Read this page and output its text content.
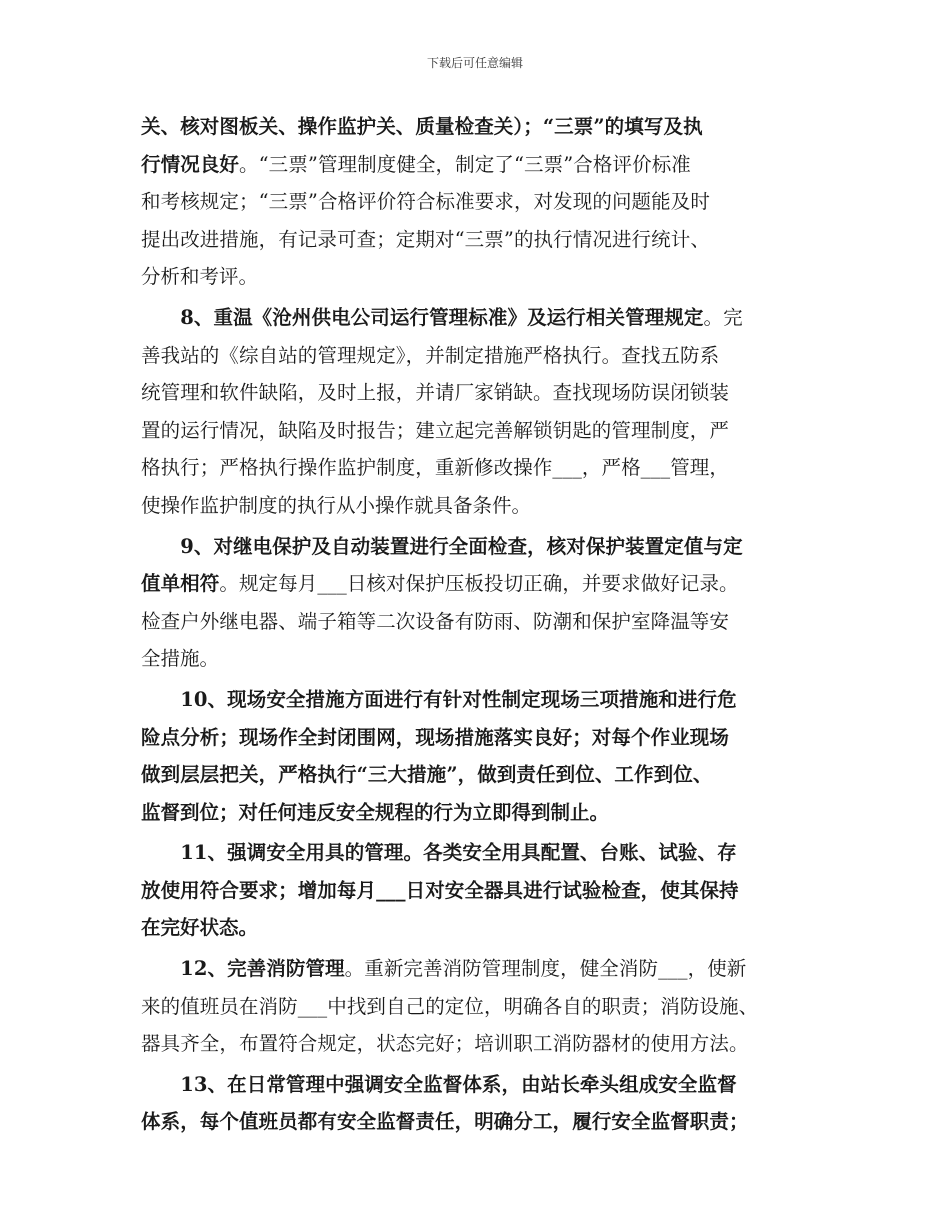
下载后可任意编辑
关、核对图板关、操作监护关、质量检查关）；“三票”的填写及执
行情况良好。“三票”管理制度健全，制定了“三票”合格评价标准
和考核规定；“三票”合格评价符合标准要求，对发现的问题能及时
提出改进措施，有记录可查；定期对“三票”的执行情况进行统计、
分析和考评。
　　8、重温《沧州供电公司运行管理标准》及运行相关管理规定。完
善我站的《综自站的管理规定》，并制定措施严格执行。查找五防系
统管理和软件缺陷，及时上报，并请厂家销缺。查找现场防误闭锁装
置的运行情况，缺陷及时报告；建立起完善解锁钥匙的管理制度，严
格执行；严格执行操作监护制度，重新修改操作___，严格___管理，
使操作监护制度的执行从小操作就具备条件。
　　9、对继电保护及自动装置进行全面检查，核对保护装置定值与定
值单相符。规定每月___日核对保护压板投切正确，并要求做好记录。
检查户外继电器、端子箱等二次设备有防雨、防潮和保护室降温等安
全措施。
　　10、现场安全措施方面进行有针对性制定现场三项措施和进行危
险点分析；现场作全封闭围网，现场措施落实良好；对每个作业现场
做到层层把关，严格执行“三大措施”，做到责任到位、工作到位、
监督到位；对任何违反安全规程的行为立即得到制止。
　　11、强调安全用具的管理。各类安全用具配置、台账、试验、存
放使用符合要求；增加每月___日对安全器具进行试验检查，使其保持
在完好状态。
　　12、完善消防管理。重新完善消防管理制度，健全消防___，使新
来的值班员在消防___中找到自己的定位，明确各自的职责；消防设施、
器具齐全，布置符合规定，状态完好；培训职工消防器材的使用方法。
　　13、在日常管理中强调安全监督体系，由站长牵头组成安全监督
体系，每个值班员都有安全监督责任，明确分工，履行安全监督职责；
